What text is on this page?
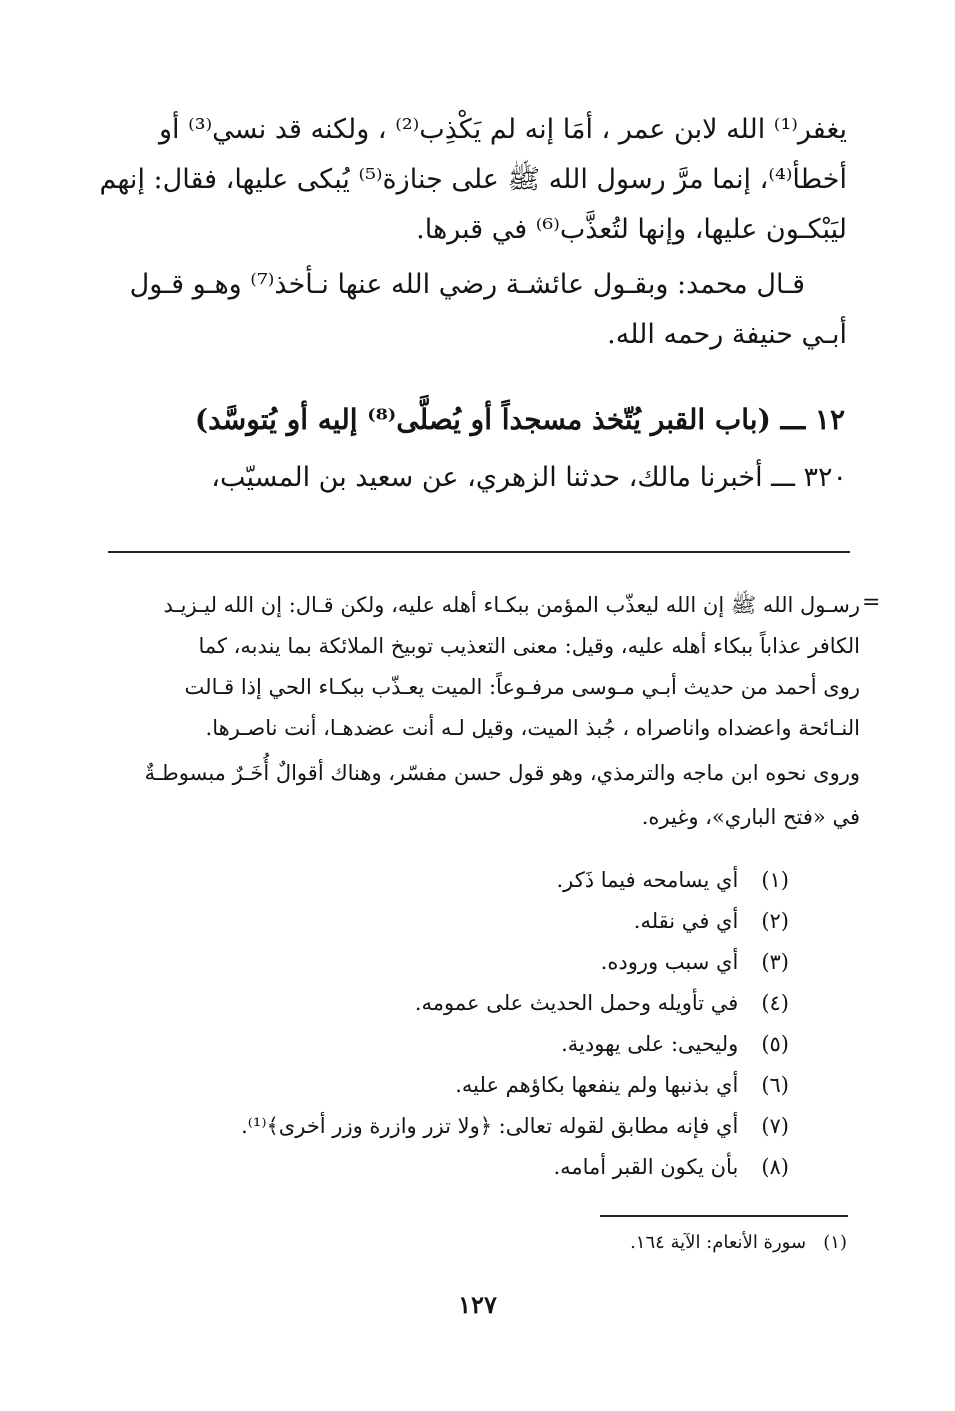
يغفر⁽¹⁾ الله لابن عمر ، أمَا إنه لم يَكْذِب⁽²⁾ ، ولكنه قد نسي⁽³⁾ أو
أخطأ⁽⁴⁾، إنما مرَّ رسول الله ﷺ على جنازة⁽⁵⁾ يُبكى عليها، فقال: إنهم
ليَبْكـون عليها، وإنها لتُعذَّب⁽⁶⁾ في قبرها.
قـال محمد: وبقـول عائشـة رضي الله عنها نـأخذ⁽⁷⁾ وهـو قـول
أبـي حنيفة رحمه الله.
١٢ ـــ (باب القبر يُتّخذ مسجداً أو يُصلَّى⁽⁸⁾ إليه أو يُتوسَّد)
٣٢٠ ـــ أخبرنا مالك، حدثنا الزهري، عن سعيد بن المسيّب،
=
رسـول الله ﷺ إن الله ليعذّب المؤمن ببكـاء أهله عليه، ولكن قـال: إن الله ليـزيـد
الكافر عذاباً ببكاء أهله عليه، وقيل: معنى التعذيب توبيخ الملائكة بما يندبه، كما
روى أحمد من حديث أبـي مـوسى مرفـوعاً: الميت يعـذّب ببكـاء الحي إذا قـالت
النـائحة واعضداه واناصراه ، جُبذ الميت، وقيل لـه أنت عضدهـا، أنت ناصـرها.
وروى نحوه ابن ماجه والترمذي، وهو قول حسن مفسّر، وهناك أقوالٌ أُخَـرٌ مبسوطـةٌ
في «فتح الباري»، وغيره.
(١) أي يسامحه فيما ذَكر.
(٢) أي في نقله.
(٣) أي سبب وروده.
(٤) في تأويله وحمل الحديث على عمومه.
(٥) وليحيى: على يهودية.
(٦) أي بذنبها ولم ينفعها بكاؤهم عليه.
(٧) أي فإنه مطابق لقوله تعالى: ﴿ولا تزر وازرة وزر أخرى﴾⁽¹⁾.
(٨) بأن يكون القبر أمامه.
(١)   سورة الأنعام: الآية ١٦٤.
١٢٧
